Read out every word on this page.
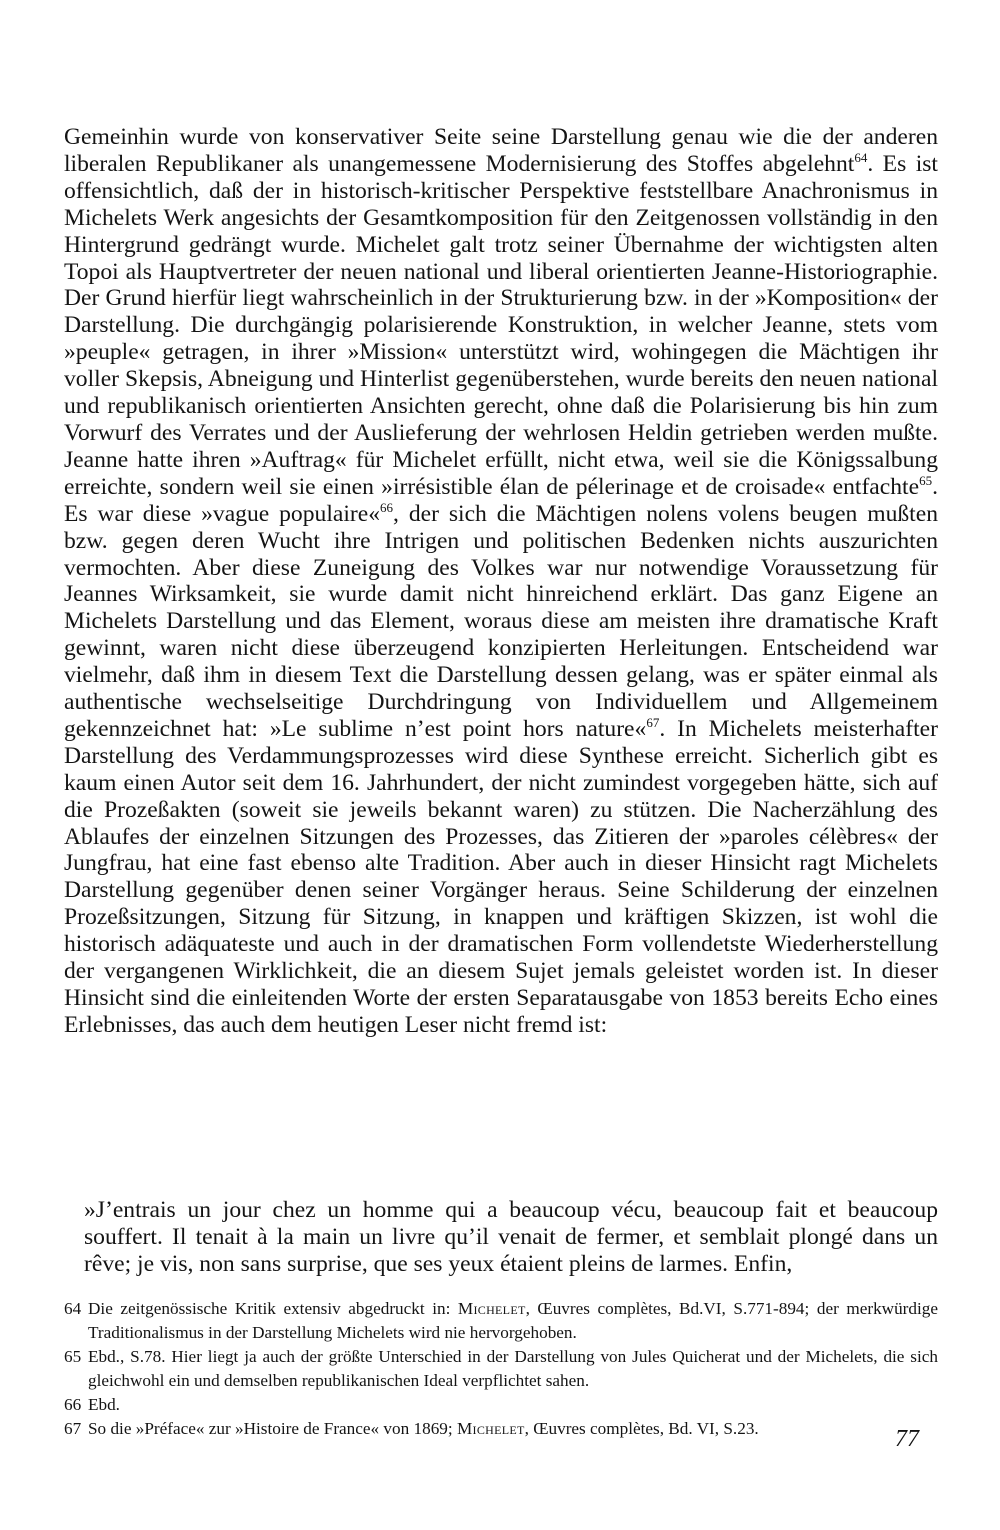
Gemeinhin wurde von konservativer Seite seine Darstellung genau wie die der anderen liberalen Republikaner als unangemessene Modernisierung des Stoffes abgelehnt$^{64}$. Es ist offensichtlich, daß der in historisch-kritischer Perspektive feststellbare Anachronismus in Michelets Werk angesichts der Gesamtkomposition für den Zeitgenossen vollständig in den Hintergrund gedrängt wurde. Michelet galt trotz seiner Übernahme der wichtigsten alten Topoi als Hauptvertreter der neuen national und liberal orientierten Jeanne-Historiographie. Der Grund hierfür liegt wahrscheinlich in der Strukturierung bzw. in der »Komposition« der Darstellung. Die durchgängig polarisierende Konstruktion, in welcher Jeanne, stets vom »peuple« getragen, in ihrer »Mission« unterstützt wird, wohingegen die Mächtigen ihr voller Skepsis, Abneigung und Hinterlist gegenüberstehen, wurde bereits den neuen national und republikanisch orientierten Ansichten gerecht, ohne daß die Polarisierung bis hin zum Vorwurf des Verrates und der Auslieferung der wehrlosen Heldin getrieben werden mußte. Jeanne hatte ihren »Auftrag« für Michelet erfüllt, nicht etwa, weil sie die Königssalbung erreichte, sondern weil sie einen »irrésistible élan de pélerinage et de croisade« entfachte$^{65}$. Es war diese »vague populaire«$^{66}$, der sich die Mächtigen nolens volens beugen mußten bzw. gegen deren Wucht ihre Intrigen und politischen Bedenken nichts auszurichten vermochten. Aber diese Zuneigung des Volkes war nur notwendige Voraussetzung für Jeannes Wirksamkeit, sie wurde damit nicht hinreichend erklärt. Das ganz Eigene an Michelets Darstellung und das Element, woraus diese am meisten ihre dramatische Kraft gewinnt, waren nicht diese überzeugend konzipierten Herleitungen. Entscheidend war vielmehr, daß ihm in diesem Text die Darstellung dessen gelang, was er später einmal als authentische wechselseitige Durchdringung von Individuellem und Allgemeinem gekennzeichnet hat: »Le sublime n’est point hors nature«$^{67}$. In Michelets meisterhafter Darstellung des Verdammungsprozesses wird diese Synthese erreicht. Sicherlich gibt es kaum einen Autor seit dem 16. Jahrhundert, der nicht zumindest vorgegeben hätte, sich auf die Prozeßakten (soweit sie jeweils bekannt waren) zu stützen. Die Nacherzählung des Ablaufes der einzelnen Sitzungen des Prozesses, das Zitieren der »paroles célèbres« der Jungfrau, hat eine fast ebenso alte Tradition. Aber auch in dieser Hinsicht ragt Michelets Darstellung gegenüber denen seiner Vorgänger heraus. Seine Schilderung der einzelnen Prozeßsitzungen, Sitzung für Sitzung, in knappen und kräftigen Skizzen, ist wohl die historisch adäquateste und auch in der dramatischen Form vollendetste Wiederherstellung der vergangenen Wirklichkeit, die an diesem Sujet jemals geleistet worden ist. In dieser Hinsicht sind die einleitenden Worte der ersten Separatausgabe von 1853 bereits Echo eines Erlebnisses, das auch dem heutigen Leser nicht fremd ist:

»J’entrais un jour chez un homme qui a beaucoup vécu, beaucoup fait et beaucoup souffert. Il tenait à la main un livre qu’il venait de fermer, et semblait plongé dans un rêve; je vis, non sans surprise, que ses yeux étaient pleins de larmes. Enfin,
64 Die zeitgenössische Kritik extensiv abgedruckt in: Michelet, Œuvres complètes, Bd.VI, S.771-894; der merkwürdige Traditionalismus in der Darstellung Michelets wird nie hervorgehoben.
65 Ebd., S.78. Hier liegt ja auch der größte Unterschied in der Darstellung von Jules Quicherat und der Michelets, die sich gleichwohl ein und demselben republikanischen Ideal verpflichtet sahen.
66 Ebd.
67 So die »Préface« zur »Histoire de France« von 1869; Michelet, Œuvres complètes, Bd. VI, S.23.	77
